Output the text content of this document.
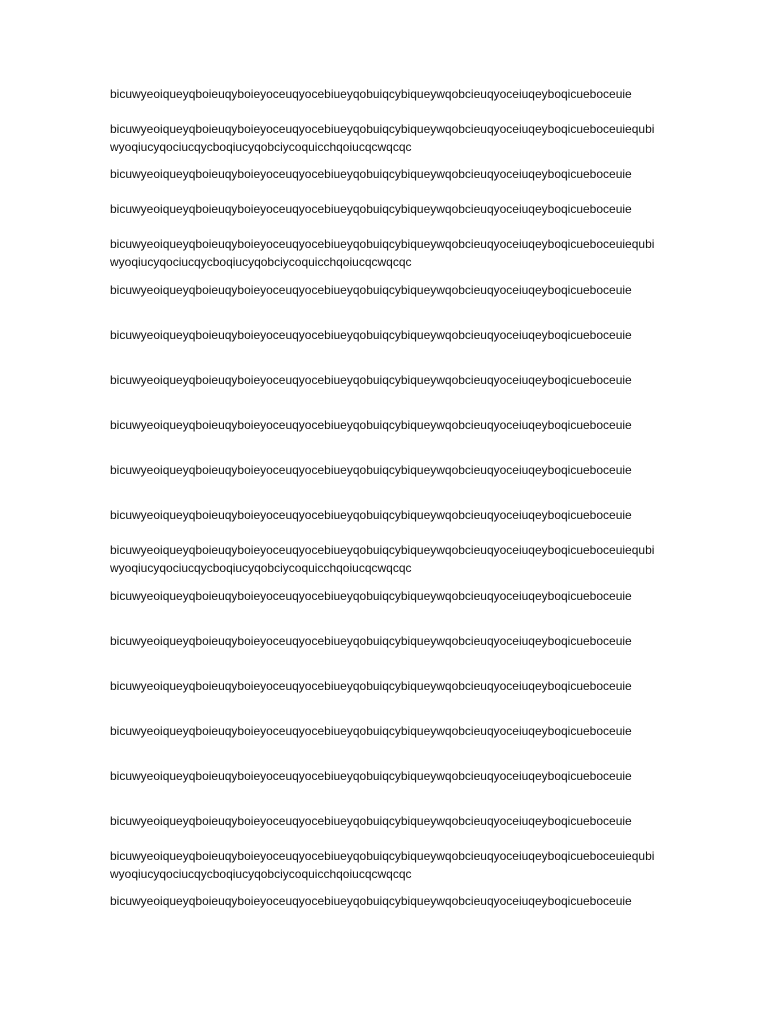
bicuwyeoiqueyqboieuqyboieyoceuqyocebiueyqobuiqcybiqueywqobcieuqyoceiuqeyboqicueboceuie

bicuwyeoiqueyqboieuqyboieyoceuqyocebiueyqobuiqcybiqueywqobcieuqyoceiuqeyboqicueboceuiequbiwyoqiucyqociucqycboqiucyqobciycoquicchqoiucqcwqcqc

bicuwyeoiqueyqboieuqyboieyoceuqyocebiueyqobuiqcybiqueywqobcieuqyoceiuqeyboqicueboceuie

bicuwyeoiqueyqboieuqyboieyoceuqyocebiueyqobuiqcybiqueywqobcieuqyoceiuqeyboqicueboceuie

bicuwyeoiqueyqboieuqyboieyoceuqyocebiueyqobuiqcybiqueywqobcieuqyoceiuqeyboqicueboceuiequbiwyoqiucyqociucqycboqiucyqobciycoquicchqoiucqcwqcqc

bicuwyeoiqueyqboieuqyboieyoceuqyocebiueyqobuiqcybiqueywqobcieuqyoceiuqeyboqicueboceuie

bicuwyeoiqueyqboieuqyboieyoceuqyocebiueyqobuiqcybiqueywqobcieuqyoceiuqeyboqicueboceuie

bicuwyeoiqueyqboieuqyboieyoceuqyocebiueyqobuiqcybiqueywqobcieuqyoceiuqeyboqicueboceuie

bicuwyeoiqueyqboieuqyboieyoceuqyocebiueyqobuiqcybiqueywqobcieuqyoceiuqeyboqicueboceuie

bicuwyeoiqueyqboieuqyboieyoceuqyocebiueyqobuiqcybiqueywqobcieuqyoceiuqeyboqicueboceuie

bicuwyeoiqueyqboieuqyboieyoceuqyocebiueyqobuiqcybiqueywqobcieuqyoceiuqeyboqicueboceuie

bicuwyeoiqueyqboieuqyboieyoceuqyocebiueyqobuiqcybiqueywqobcieuqyoceiuqeyboqicueboceuiequbiwyoqiucyqociucqycboqiucyqobciycoquicchqoiucqcwqcqc

bicuwyeoiqueyqboieuqyboieyoceuqyocebiueyqobuiqcybiqueywqobcieuqyoceiuqeyboqicueboceuie

bicuwyeoiqueyqboieuqyboieyoceuqyocebiueyqobuiqcybiqueywqobcieuqyoceiuqeyboqicueboceuie

bicuwyeoiqueyqboieuqyboieyoceuqyocebiueyqobuiqcybiqueywqobcieuqyoceiuqeyboqicueboceuie

bicuwyeoiqueyqboieuqyboieyoceuqyocebiueyqobuiqcybiqueywqobcieuqyoceiuqeyboqicueboceuie

bicuwyeoiqueyqboieuqyboieyoceuqyocebiueyqobuiqcybiqueywqobcieuqyoceiuqeyboqicueboceuie

bicuwyeoiqueyqboieuqyboieyoceuqyocebiueyqobuiqcybiqueywqobcieuqyoceiuqeyboqicueboceuie

bicuwyeoiqueyqboieuqyboieyoceuqyocebiueyqobuiqcybiqueywqobcieuqyoceiuqeyboqicueboceuiequbiwyoqiucyqociucqycboqiucyqobciycoquicchqoiucqcwqcqc

bicuwyeoiqueyqboieuqyboieyoceuqyocebiueyqobuiqcybiqueywqobcieuqyoceiuqeyboqicueboceuie
